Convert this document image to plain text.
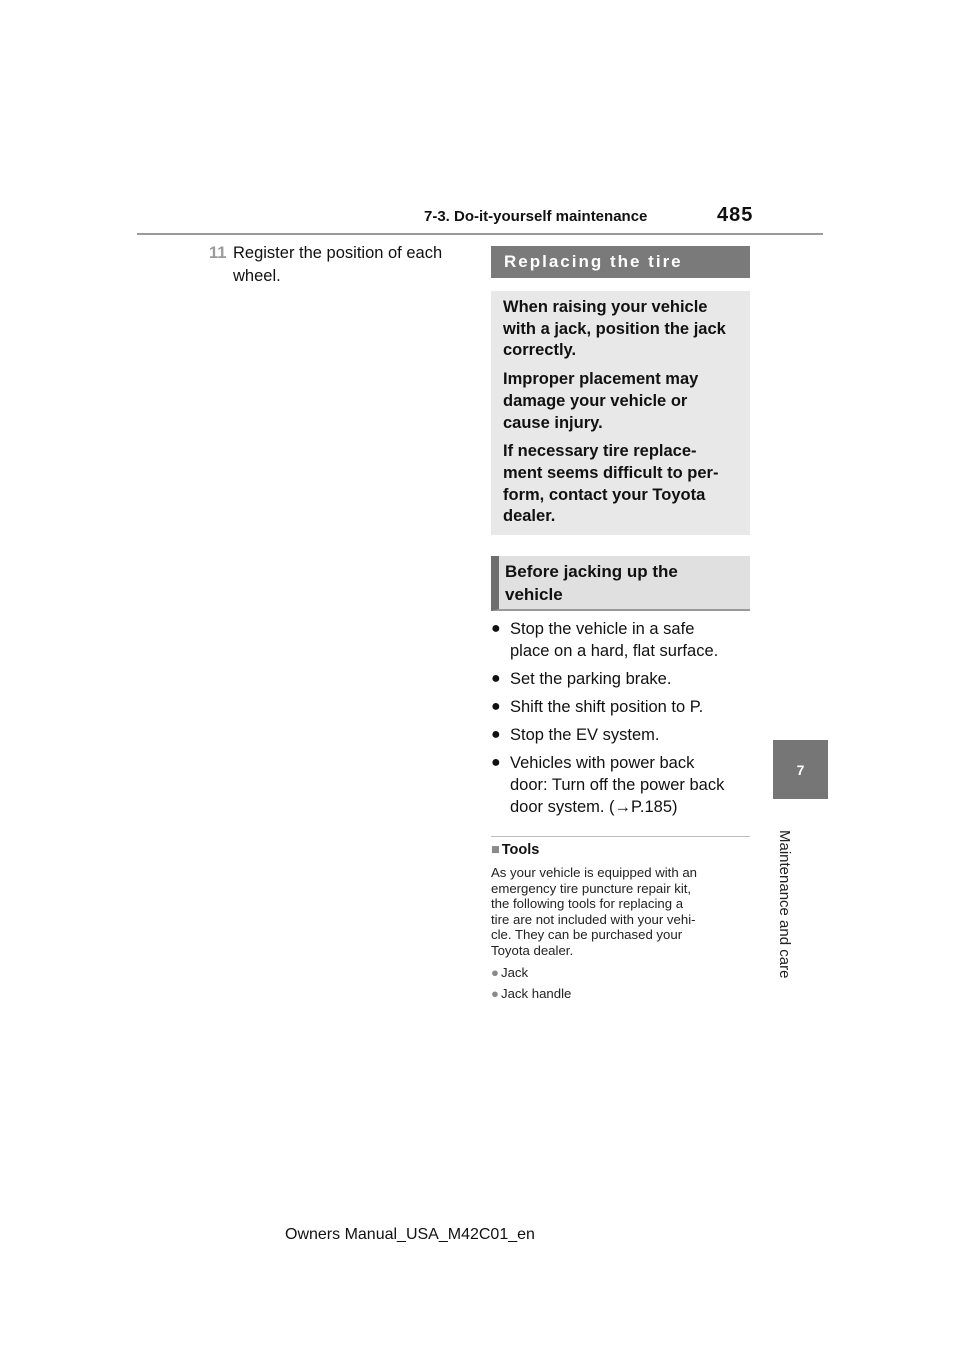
7-3. Do-it-yourself maintenance	485
7
Maintenance and care
11 Register the position of each
wheel.
Replacing the tire

When raising your vehicle
with a jack, position the jack
correctly.

Improper placement may
damage your vehicle or
cause injury.

If necessary tire replace-
ment seems difficult to per-
form, contact your Toyota
dealer.

Before jacking up the
vehicle
● Stop the vehicle in a safe
place on a hard, flat surface.
● Set the parking brake.
● Shift the shift position to P.
● Stop the EV system.
● Vehicles with power back
door: Turn off the power back
door system. (→P.185)
■ Tools
As your vehicle is equipped with an
emergency tire puncture repair kit,
the following tools for replacing a
tire are not included with your vehi-
cle. They can be purchased your
Toyota dealer.
● Jack
● Jack handle
Owners Manual_USA_M42C01_en
